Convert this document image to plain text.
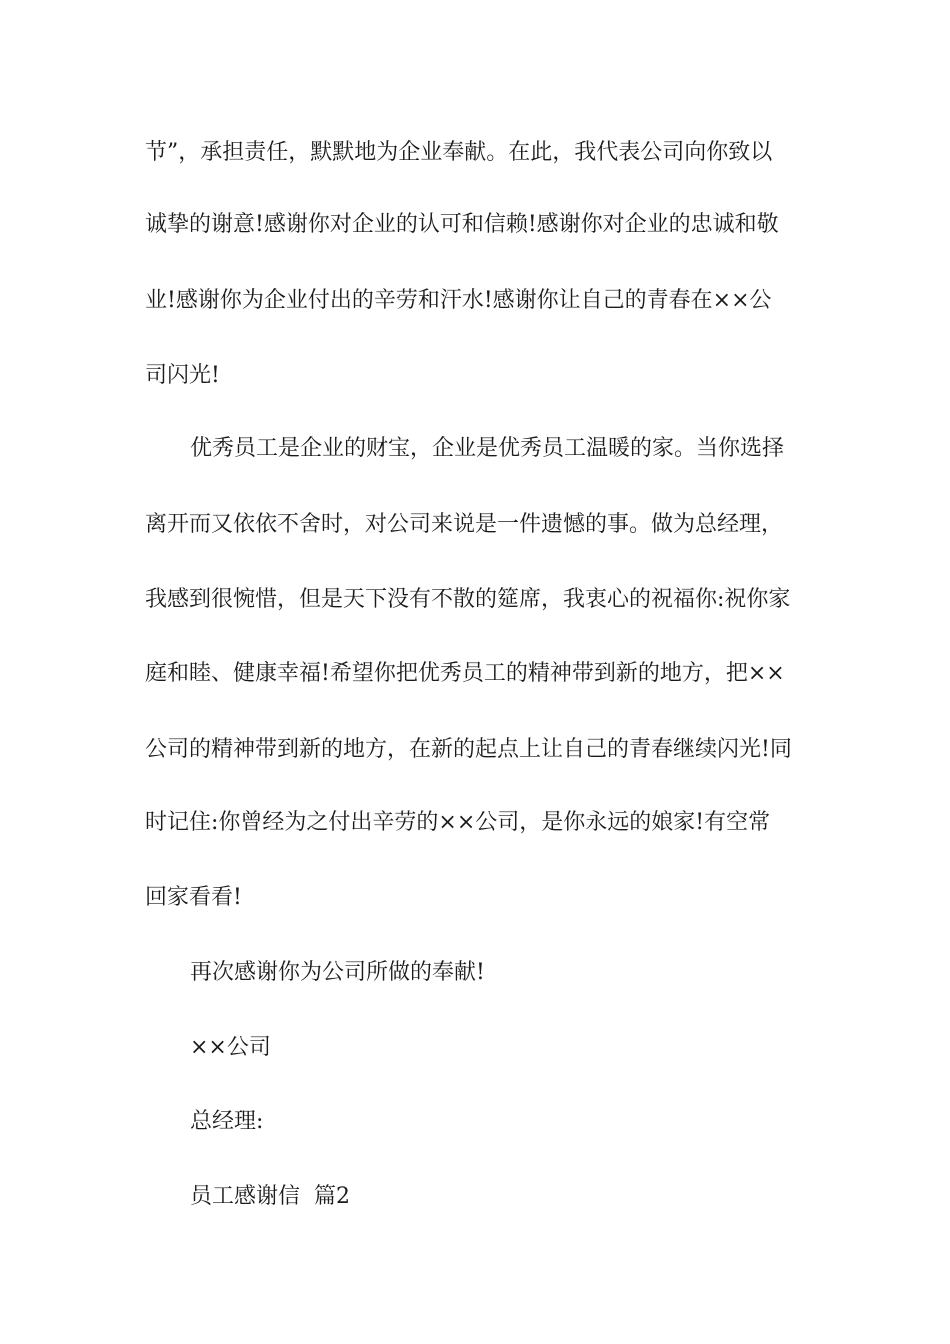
节”，承担责任，默默地为企业奉献。在此，我代表公司向你致以
诚挚的谢意!感谢你对企业的认可和信赖!感谢你对企业的忠诚和敬
业!感谢你为企业付出的辛劳和汗水!感谢你让自己的青春在××公
司闪光!
优秀员工是企业的财宝，企业是优秀员工温暖的家。当你选择
离开而又依依不舍时，对公司来说是一件遗憾的事。做为总经理，
我感到很惋惜，但是天下没有不散的筵席，我衷心的祝福你:祝你家
庭和睦、健康幸福!希望你把优秀员工的精神带到新的地方，把××
公司的精神带到新的地方，在新的起点上让自己的青春继续闪光!同
时记住:你曾经为之付出辛劳的××公司，是你永远的娘家!有空常
回家看看!
再次感谢你为公司所做的奉献!
××公司
总经理:
员工感谢信  篇2
